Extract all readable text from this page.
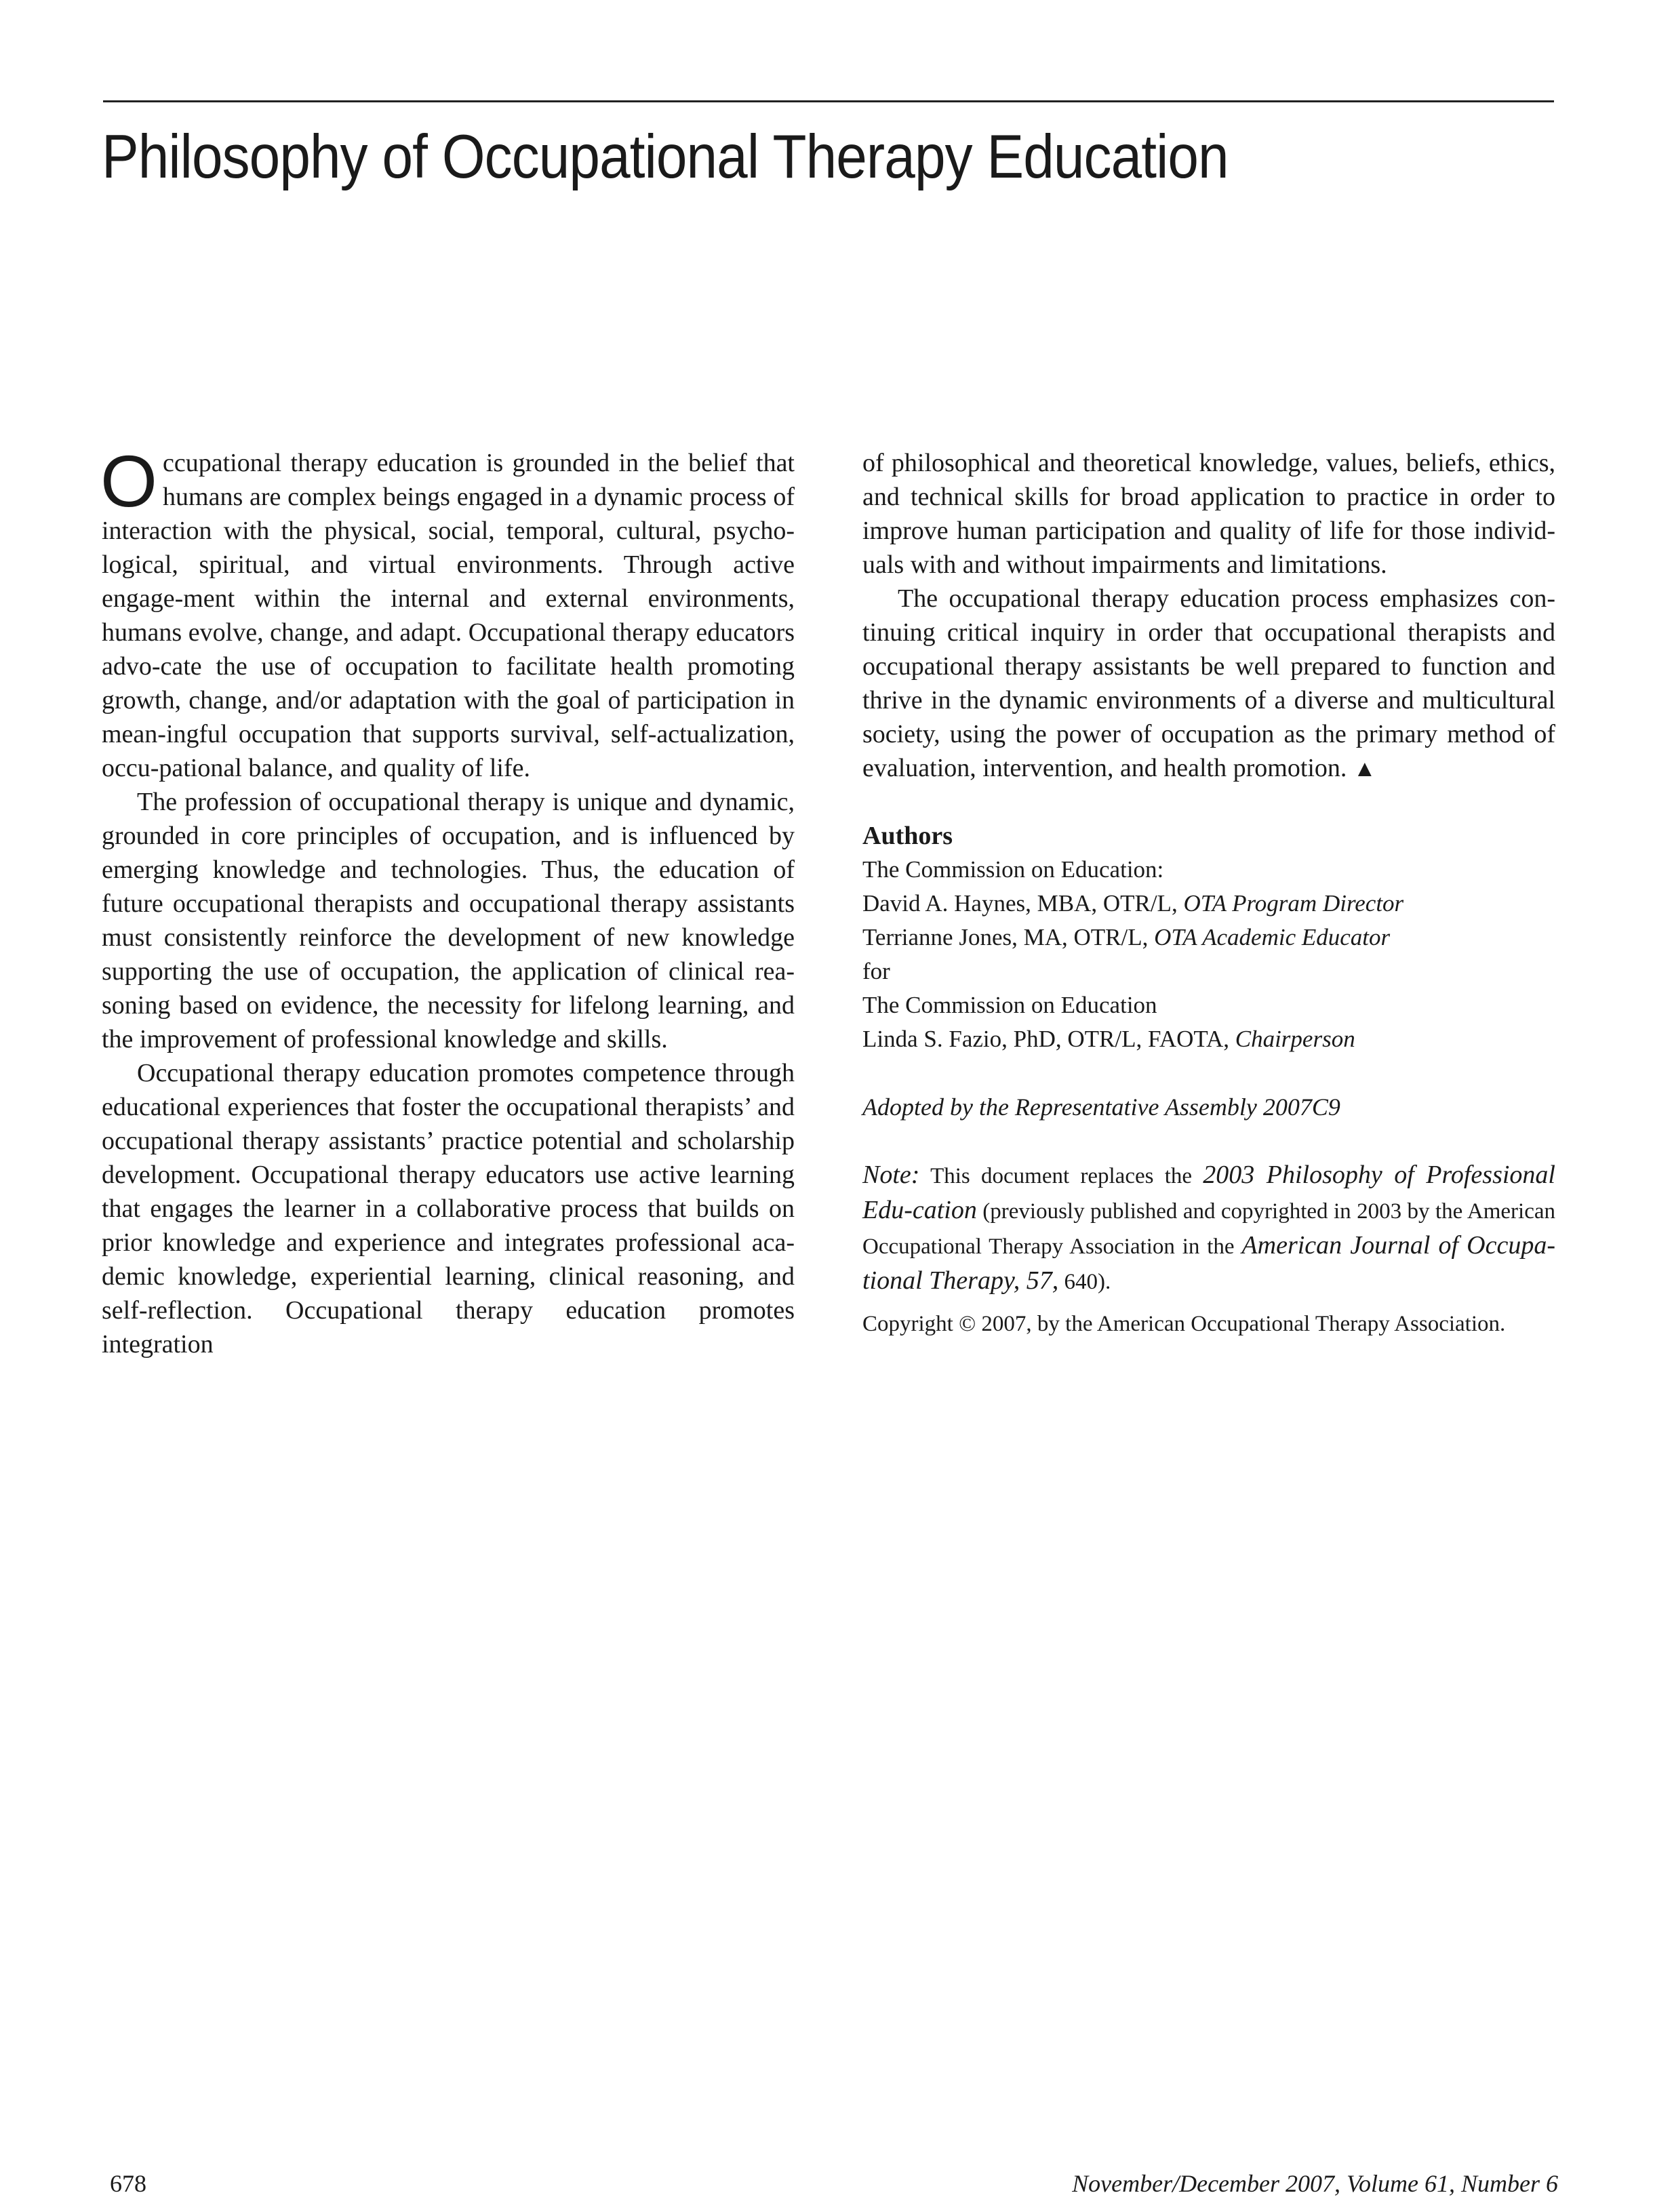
Philosophy of Occupational Therapy Education

Occupational therapy education is grounded in the belief that humans are complex beings engaged in a dynamic process of interaction with the physical, social, temporal, cultural, psycho-logical, spiritual, and virtual environments. Through active engage-ment within the internal and external environments, humans evolve, change, and adapt. Occupational therapy educators advo-cate the use of occupation to facilitate health promoting growth, change, and/or adaptation with the goal of participation in mean-ingful occupation that supports survival, self-actualization, occu-pational balance, and quality of life.

The profession of occupational therapy is unique and dynamic, grounded in core principles of occupation, and is influenced by emerging knowledge and technologies. Thus, the education of future occupational therapists and occupational therapy assistants must consistently reinforce the development of new knowledge supporting the use of occupation, the application of clinical rea-soning based on evidence, the necessity for lifelong learning, and the improvement of professional knowledge and skills.

Occupational therapy education promotes competence through educational experiences that foster the occupational therapists’ and occupational therapy assistants’ practice potential and scholarship development. Occupational therapy educators use active learning that engages the learner in a collaborative process that builds on prior knowledge and experience and integrates professional aca-demic knowledge, experiential learning, clinical reasoning, and self-reflection. Occupational therapy education promotes integration

of philosophical and theoretical knowledge, values, beliefs, ethics, and technical skills for broad application to practice in order to improve human participation and quality of life for those individ-uals with and without impairments and limitations.

The occupational therapy education process emphasizes con-tinuing critical inquiry in order that occupational therapists and occupational therapy assistants be well prepared to function and thrive in the dynamic environments of a diverse and multicultural society, using the power of occupation as the primary method of evaluation, intervention, and health promotion. ▲

Authors

The Commission on Education:

David A. Haynes, MBA, OTR/L, OTA Program Director

Terrianne Jones, MA, OTR/L, OTA Academic Educator

for

The Commission on Education

Linda S. Fazio, PhD, OTR/L, FAOTA, Chairperson

Adopted by the Representative Assembly 2007C9

Note: This document replaces the 2003 Philosophy of Professional Edu-cation (previously published and copyrighted in 2003 by the American Occupational Therapy Association in the American Journal of Occupa-tional Therapy, 57, 640).

Copyright © 2007, by the American Occupational Therapy Association.

678	November/December 2007, Volume 61, Number 6
